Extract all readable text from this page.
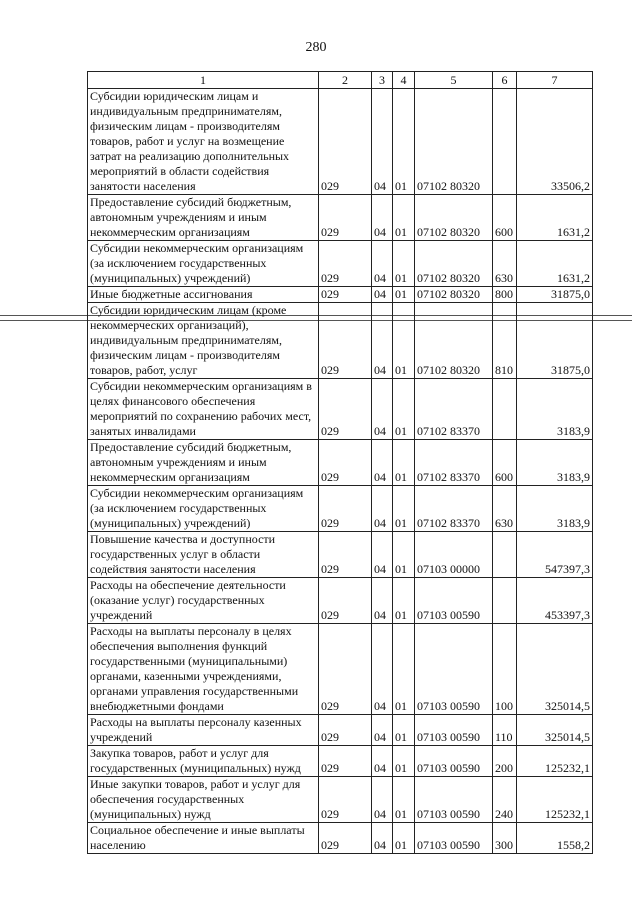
280
1	2	3	4	5	6	7
Субсидии юридическим лицам и индивидуальным предпринимателям, физическим лицам - производителям товаров, работ и услуг на возмещение затрат на реализацию дополнительных мероприятий в области содействия занятости населения	029	04	01	07102 80320		33506,2
Предоставление субсидий бюджетным, автономным учреждениям и иным некоммерческим организациям	029	04	01	07102 80320	600	1631,2
Субсидии некоммерческим организациям (за исключением государственных (муниципальных) учреждений)	029	04	01	07102 80320	630	1631,2
Иные бюджетные ассигнования	029	04	01	07102 80320	800	31875,0
Субсидии юридическим лицам (кроме некоммерческих организаций), индивидуальным предпринимателям, физическим лицам - производителям товаров, работ, услуг	029	04	01	07102 80320	810	31875,0
Субсидии некоммерческим организациям в целях финансового обеспечения мероприятий по сохранению рабочих мест, занятых инвалидами	029	04	01	07102 83370		3183,9
Предоставление субсидий бюджетным, автономным учреждениям и иным некоммерческим организациям	029	04	01	07102 83370	600	3183,9
Субсидии некоммерческим организациям (за исключением государственных (муниципальных) учреждений)	029	04	01	07102 83370	630	3183,9
Повышение качества и доступности государственных услуг в области содействия занятости населения	029	04	01	07103 00000		547397,3
Расходы на обеспечение деятельности (оказание услуг) государственных учреждений	029	04	01	07103 00590		453397,3
Расходы на выплаты персоналу в целях обеспечения выполнения функций государственными (муниципальными) органами, казенными учреждениями, органами управления государственными внебюджетными фондами	029	04	01	07103 00590	100	325014,5
Расходы на выплаты персоналу казенных учреждений	029	04	01	07103 00590	110	325014,5
Закупка товаров, работ и услуг для государственных (муниципальных) нужд	029	04	01	07103 00590	200	125232,1
Иные закупки товаров, работ и услуг для обеспечения государственных (муниципальных) нужд	029	04	01	07103 00590	240	125232,1
Социальное обеспечение и иные выплаты населению	029	04	01	07103 00590	300	1558,2
